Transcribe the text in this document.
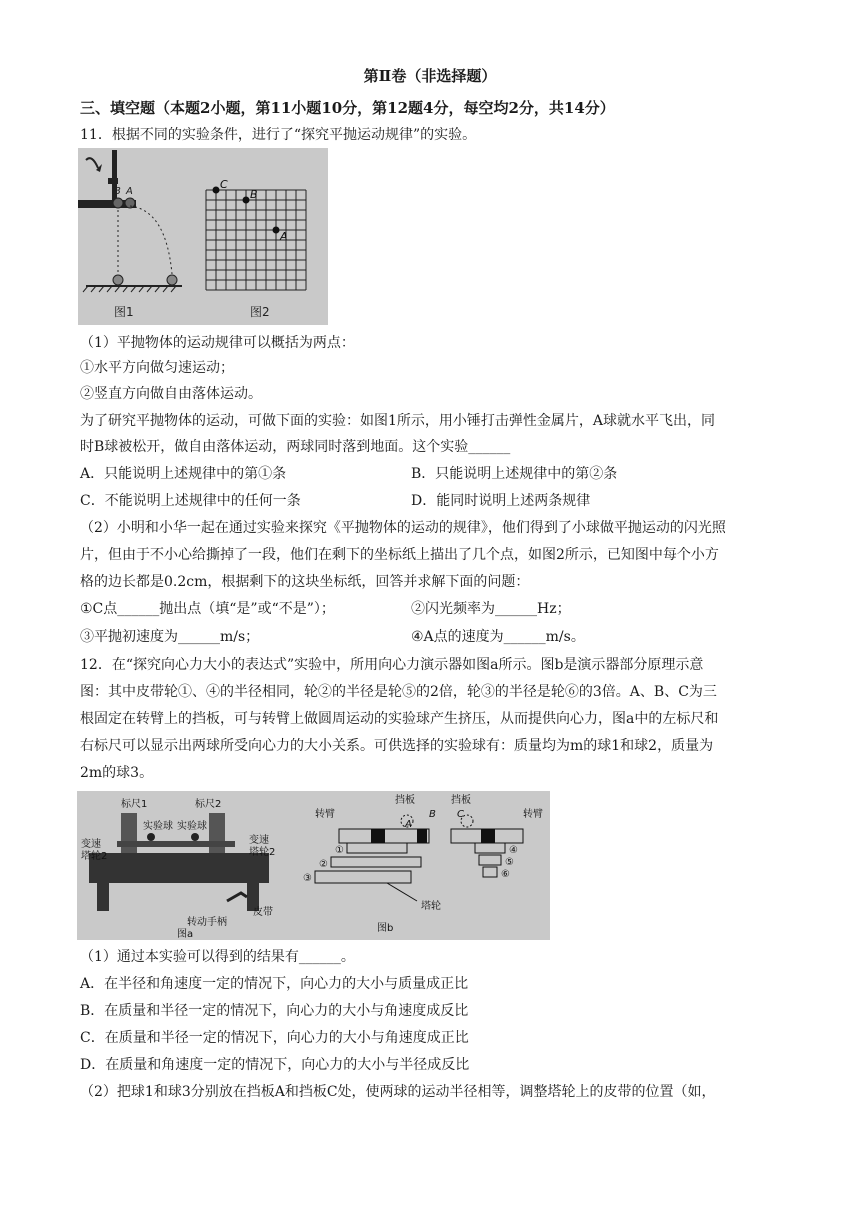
第Ⅱ卷（非选择题）
三、填空题（本题2小题，第11小题10分，第12题4分，每空均2分，共14分）
11．根据不同的实验条件，进行了“探究平抛运动规律”的实验。
B A
图1
C
B
A
图2
（1）平抛物体的运动规律可以概括为两点：
①水平方向做匀速运动；
②竖直方向做自由落体运动。
为了研究平抛物体的运动，可做下面的实验：如图1所示，用小锤打击弹性金属片，A球就水平飞出，同
时B球被松开，做自由落体运动，两球同时落到地面。这个实验______
A．只能说明上述规律中的第①条	B．只能说明上述规律中的第②条
C．不能说明上述规律中的任何一条	D．能同时说明上述两条规律
（2）小明和小华一起在通过实验来探究《平抛物体的运动的规律》，他们得到了小球做平抛运动的闪光照
片，但由于不小心给撕掉了一段，他们在剩下的坐标纸上描出了几个点，如图2所示，已知图中每个小方
格的边长都是0.2cm，根据剩下的这块坐标纸，回答并求解下面的问题：
①C点______抛出点（填“是”或“不是”）；	②闪光频率为______Hz；
③平抛初速度为______m/s；	④A点的速度为______m/s。
12．在“探究向心力大小的表达式”实验中，所用向心力演示器如图a所示。图b是演示器部分原理示意
图：其中皮带轮①、④的半径相同，轮②的半径是轮⑤的2倍，轮③的半径是轮⑥的3倍。A、B、C为三
根固定在转臂上的挡板，可与转臂上做圆周运动的实验球产生挤压，从而提供向心力，图a中的左标尺和
右标尺可以显示出两球所受向心力的大小关系。可供选择的实验球有：质量均为m的球1和球2，质量为
2m的球3。
标尺1	标尺2
实验球 实验球
变速
塔轮2
变速
塔轮2
转动手柄
皮带
图a
挡板	挡板
转臂	转臂
A
B C
①
②
③
④
⑤
⑥
塔轮
图b
（1）通过本实验可以得到的结果有______。
A．在半径和角速度一定的情况下，向心力的大小与质量成正比
B．在质量和半径一定的情况下，向心力的大小与角速度成反比
C．在质量和半径一定的情况下，向心力的大小与角速度成正比
D．在质量和角速度一定的情况下，向心力的大小与半径成反比
（2）把球1和球3分别放在挡板A和挡板C处，使两球的运动半径相等，调整塔轮上的皮带的位置（如，
